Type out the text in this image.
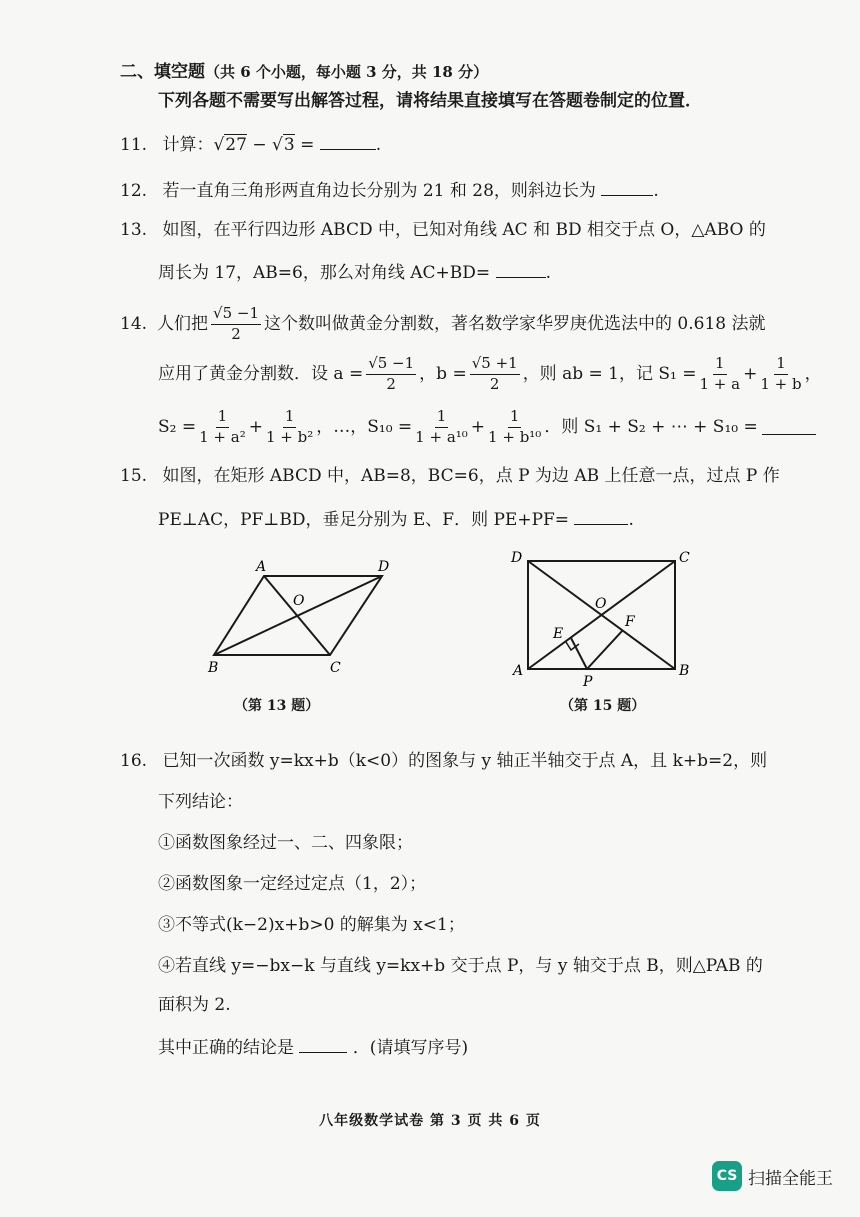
二、填空题（共 6 个小题，每小题 3 分，共 18 分）
下列各题不需要写出解答过程，请将结果直接填写在答题卷制定的位置．
11. 计算：√27 − √3 =	.
12. 若一直角三角形两直角边长分别为 21 和 28，则斜边长为	.
13. 如图，在平行四边形 ABCD 中，已知对角线 AC 和 BD 相交于点 O，△ABO 的
周长为 17，AB=6，那么对角线 AC+BD=	.
14. 人们把 $\frac{√5 -1}{2}$ 这个数叫做黄金分割数，著名数学家华罗庚优选法中的 0.618 法就
应用了黄金分割数．设 $a = \frac{√5 -1}{2}$ ，$b = \frac{√5 +1}{2}$ ，则 ab = 1，记 $S_1 = \frac{1}{1 + a} + \frac{1}{1 + b}$ ，
$S_2 = \frac{1}{\text{1 + a²}} + \frac{1}{\text{1 + b²}}$ ，…，$S_{10} = \frac{1}{\text{1 + a¹⁰}} + \frac{1}{\text{1 + b¹⁰}}$ ．则 S₁ + S₂ + ⋯ + S₁₀ =
15. 如图，在矩形 ABCD 中，AB=8，BC=6，点 P 为边 AB 上任意一点，过点 P 作
PE⊥AC，PF⊥BD，垂足分别为 E、F．则 PE+PF=	.
A	D
O
B	C
（第 13 题）
D	C
O
E
F
A	B
P
（第 15 题）
16. 已知一次函数 y=kx+b（k<0）的图象与 y 轴正半轴交于点 A，且 k+b=2，则
下列结论：
①函数图象经过一、二、四象限；
②函数图象一定经过定点（1，2）；
③不等式(k−2)x+b>0 的解集为 x<1；
④若直线 y=−bx−k 与直线 y=kx+b 交于点 P，与 y 轴交于点 B，则△PAB 的
面积为 2.
其中正确的结论是	．(请填写序号)
八年级数学试卷 第 3 页 共 6 页
CS 扫描全能王
